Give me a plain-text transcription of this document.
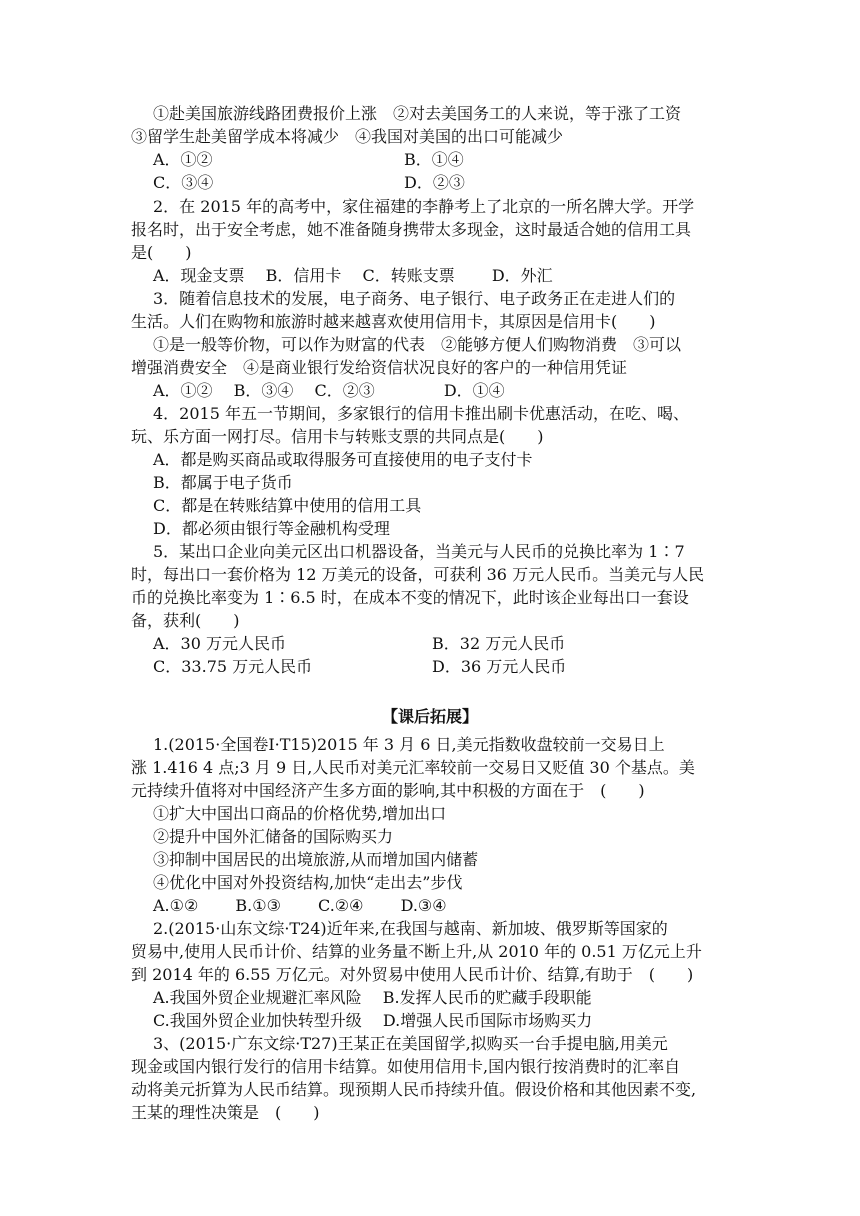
①赴美国旅游线路团费报价上涨　②对去美国务工的人来说，等于涨了工资
③留学生赴美留学成本将减少　④我国对美国的出口可能减少
A．①②	B．①④
C．③④	D．②③
2．在 2015 年的高考中，家住福建的李静考上了北京的一所名牌大学。开学
报名时，出于安全考虑，她不准备随身携带太多现金，这时最适合她的信用工具
是(　　)
A．现金支票　 B．信用卡　 C．转账支票　　 D．外汇
3．随着信息技术的发展，电子商务、电子银行、电子政务正在走进人们的
生活。人们在购物和旅游时越来越喜欢使用信用卡，其原因是信用卡(　　)
①是一般等价物，可以作为财富的代表　②能够方便人们购物消费　③可以
增强消费安全　④是商业银行发给资信状况良好的客户的一种信用凭证
A．①②　 B．③④　 C．②③　　　　 D．①④
4．2015 年五一节期间，多家银行的信用卡推出刷卡优惠活动，在吃、喝、
玩、乐方面一网打尽。信用卡与转账支票的共同点是(　　)
A．都是购买商品或取得服务可直接使用的电子支付卡
B．都属于电子货币
C．都是在转账结算中使用的信用工具
D．都必须由银行等金融机构受理
5．某出口企业向美元区出口机器设备，当美元与人民币的兑换比率为 1∶7
时，每出口一套价格为 12 万美元的设备，可获利 36 万元人民币。当美元与人民
币的兑换比率变为 1∶6.5 时，在成本不变的情况下，此时该企业每出口一套设
备，获利(　　)
A．30 万元人民币	B．32 万元人民币
C．33.75 万元人民币	D．36 万元人民币
【课后拓展】
1.(2015·全国卷Ⅰ·T15)2015 年 3 月 6 日,美元指数收盘较前一交易日上
涨 1.416 4 点;3 月 9 日,人民币对美元汇率较前一交易日又贬值 30 个基点。美
元持续升值将对中国经济产生多方面的影响,其中积极的方面在于　(　　)
①扩大中国出口商品的价格优势,增加出口
②提升中国外汇储备的国际购买力
③抑制中国居民的出境旅游,从而增加国内储蓄
④优化中国对外投资结构,加快“走出去”步伐
A.①②　　 B.①③　　 C.②④　　 D.③④
2.(2015·山东文综·T24)近年来,在我国与越南、新加坡、俄罗斯等国家的
贸易中,使用人民币计价、结算的业务量不断上升,从 2010 年的 0.51 万亿元上升
到 2014 年的 6.55 万亿元。对外贸易中使用人民币计价、结算,有助于　(　　)
A.我国外贸企业规避汇率风险　 B.发挥人民币的贮藏手段职能
C.我国外贸企业加快转型升级　 D.增强人民币国际市场购买力
3、(2015·广东文综·T27)王某正在美国留学,拟购买一台手提电脑,用美元
现金或国内银行发行的信用卡结算。如使用信用卡,国内银行按消费时的汇率自
动将美元折算为人民币结算。现预期人民币持续升值。假设价格和其他因素不变,
王某的理性决策是　(　　)
